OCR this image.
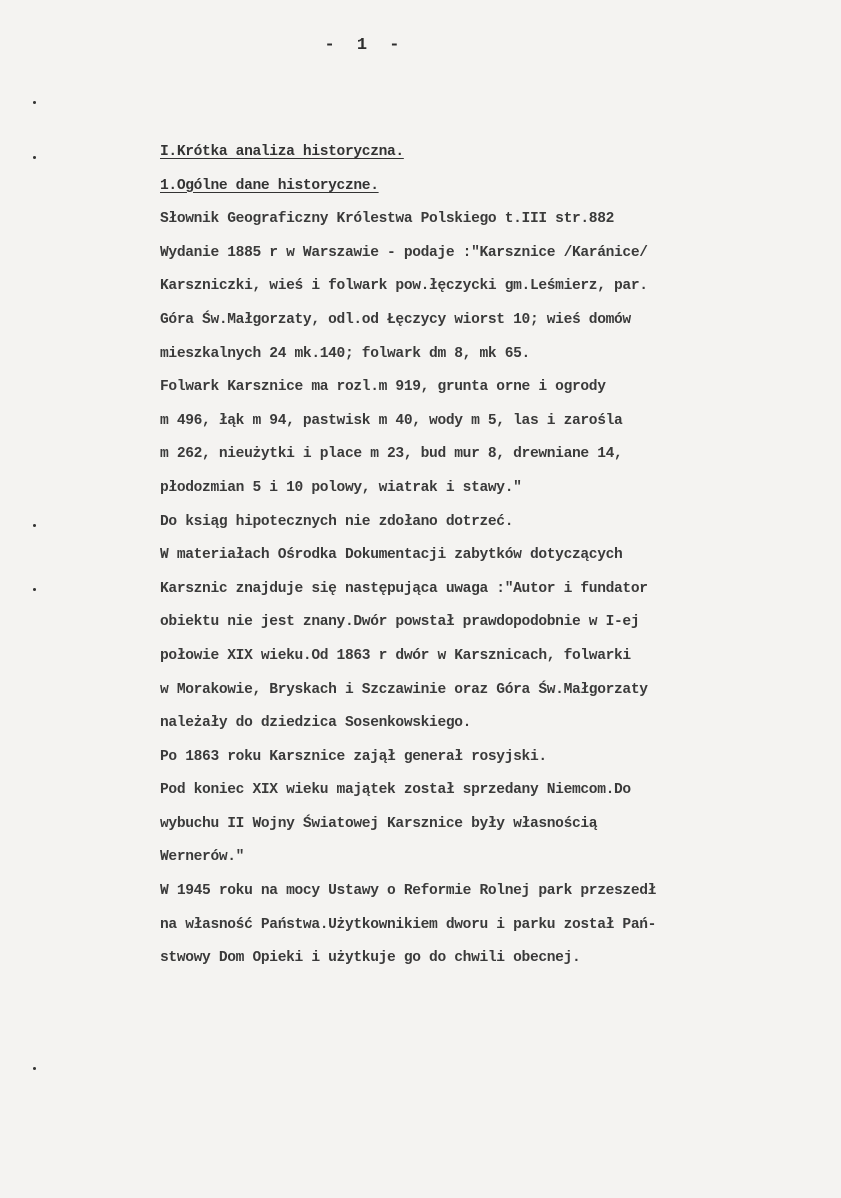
- 1 -
I.Krótka analiza historyczna.
1.Ogólne dane historyczne.
Słownik Geograficzny Królestwa Polskiego t.III str.882
Wydanie 1885 r w Warszawie - podaje :"Karsznice /Karánice/
Karszniczki, wieś i folwark pow.łęczycki gm.Leśmierz, par.
Góra Św.Małgorzaty, odl.od Łęczycy wiorst 10; wieś domów
mieszkalnych 24 mk.140; folwark dm 8, mk 65.
Folwark Karsznice ma rozl.m 919, grunta orne i ogrody
m 496, łąk m 94, pastwisk m 40, wody m 5, las i zarośla
m 262, nieużytki i place m 23, bud mur 8, drewniane 14,
płodozmian 5 i 10 polowy, wiatrak i stawy."
Do ksiąg hipotecznych nie zdołano dotrzeć.
W materiałach Ośrodka Dokumentacji zabytków dotyczących
Karsznic znajduje się następująca uwaga :"Autor i fundator
obiektu nie jest znany.Dwór powstał prawdopodobnie w I-ej
połowie XIX wieku.Od 1863 r dwór w Karsznicach, folwarki
w Morakowie, Bryskach i Szczawinie oraz Góra Św.Małgorzaty
należały do dziedzica Sosenkowskiego.
Po 1863 roku Karsznice zajął generał rosyjski.
Pod koniec XIX wieku majątek został sprzedany Niemcom.Do
wybuchu II Wojny Światowej Karsznice były własnością
Wernerów."
W 1945 roku na mocy Ustawy o Reformie Rolnej park przeszedł
na własność Państwa.Użytkownikiem dworu i parku został Pań-
stwowy Dom Opieki i użytkuje go do chwili obecnej.
